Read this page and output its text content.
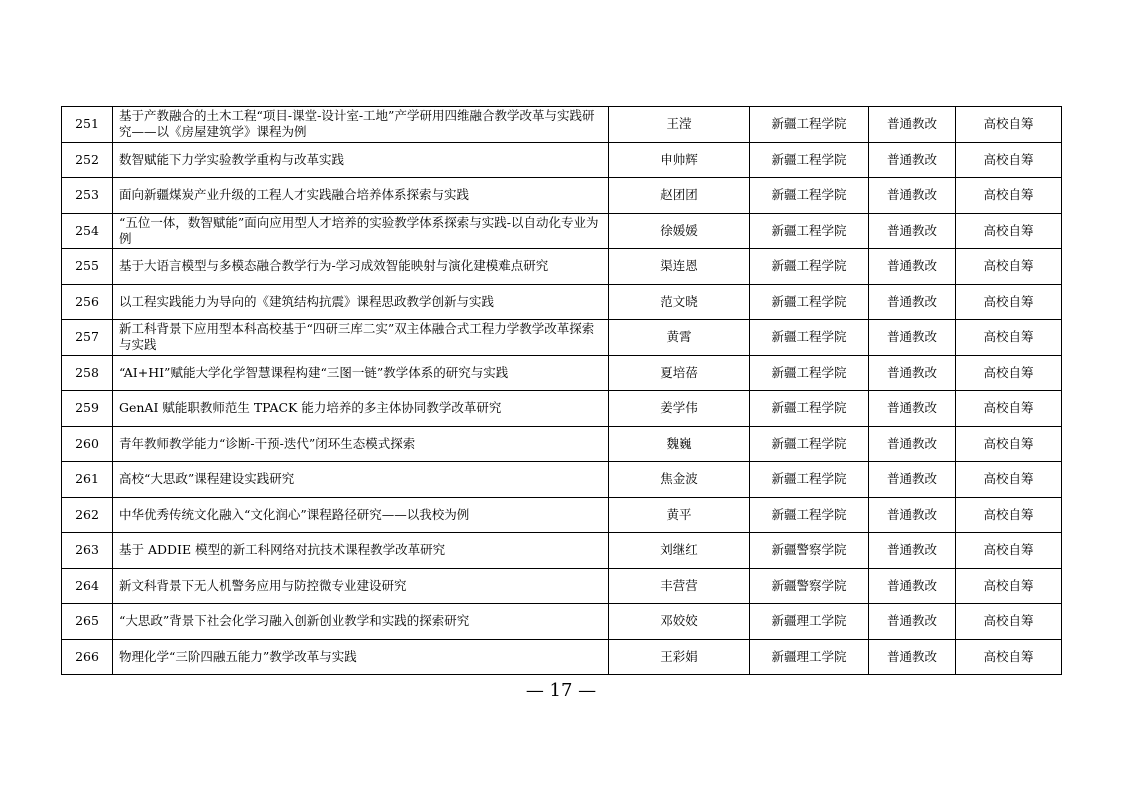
251	基于产教融合的土木工程“项目-课堂-设计室-工地”产学研用四维融合教学改革与实践研究——以《房屋建筑学》课程为例	王滢	新疆工程学院	普通教改	高校自筹
252	数智赋能下力学实验教学重构与改革实践	申帅辉	新疆工程学院	普通教改	高校自筹
253	面向新疆煤炭产业升级的工程人才实践融合培养体系探索与实践	赵团团	新疆工程学院	普通教改	高校自筹
254	“五位一体，数智赋能”面向应用型人才培养的实验教学体系探索与实践-以自动化专业为例	徐媛媛	新疆工程学院	普通教改	高校自筹
255	基于大语言模型与多模态融合教学行为-学习成效智能映射与演化建模难点研究	渠连恩	新疆工程学院	普通教改	高校自筹
256	以工程实践能力为导向的《建筑结构抗震》课程思政教学创新与实践	范文晓	新疆工程学院	普通教改	高校自筹
257	新工科背景下应用型本科高校基于“四研三库二实”双主体融合式工程力学教学改革探索与实践	黄霄	新疆工程学院	普通教改	高校自筹
258	“AI+HI”赋能大学化学智慧课程构建“三图一链”教学体系的研究与实践	夏培蓓	新疆工程学院	普通教改	高校自筹
259	GenAI 赋能职教师范生 TPACK 能力培养的多主体协同教学改革研究	姜学伟	新疆工程学院	普通教改	高校自筹
260	青年教师教学能力“诊断-干预-迭代”闭环生态模式探索	魏巍	新疆工程学院	普通教改	高校自筹
261	高校“大思政”课程建设实践研究	焦金波	新疆工程学院	普通教改	高校自筹
262	中华优秀传统文化融入“文化润心”课程路径研究——以我校为例	黄平	新疆工程学院	普通教改	高校自筹
263	基于 ADDIE 模型的新工科网络对抗技术课程教学改革研究	刘继红	新疆警察学院	普通教改	高校自筹
264	新文科背景下无人机警务应用与防控微专业建设研究	丰营营	新疆警察学院	普通教改	高校自筹
265	“大思政”背景下社会化学习融入创新创业教学和实践的探索研究	邓姣姣	新疆理工学院	普通教改	高校自筹
266	物理化学“三阶四融五能力”教学改革与实践	王彩娟	新疆理工学院	普通教改	高校自筹
— 17 —
